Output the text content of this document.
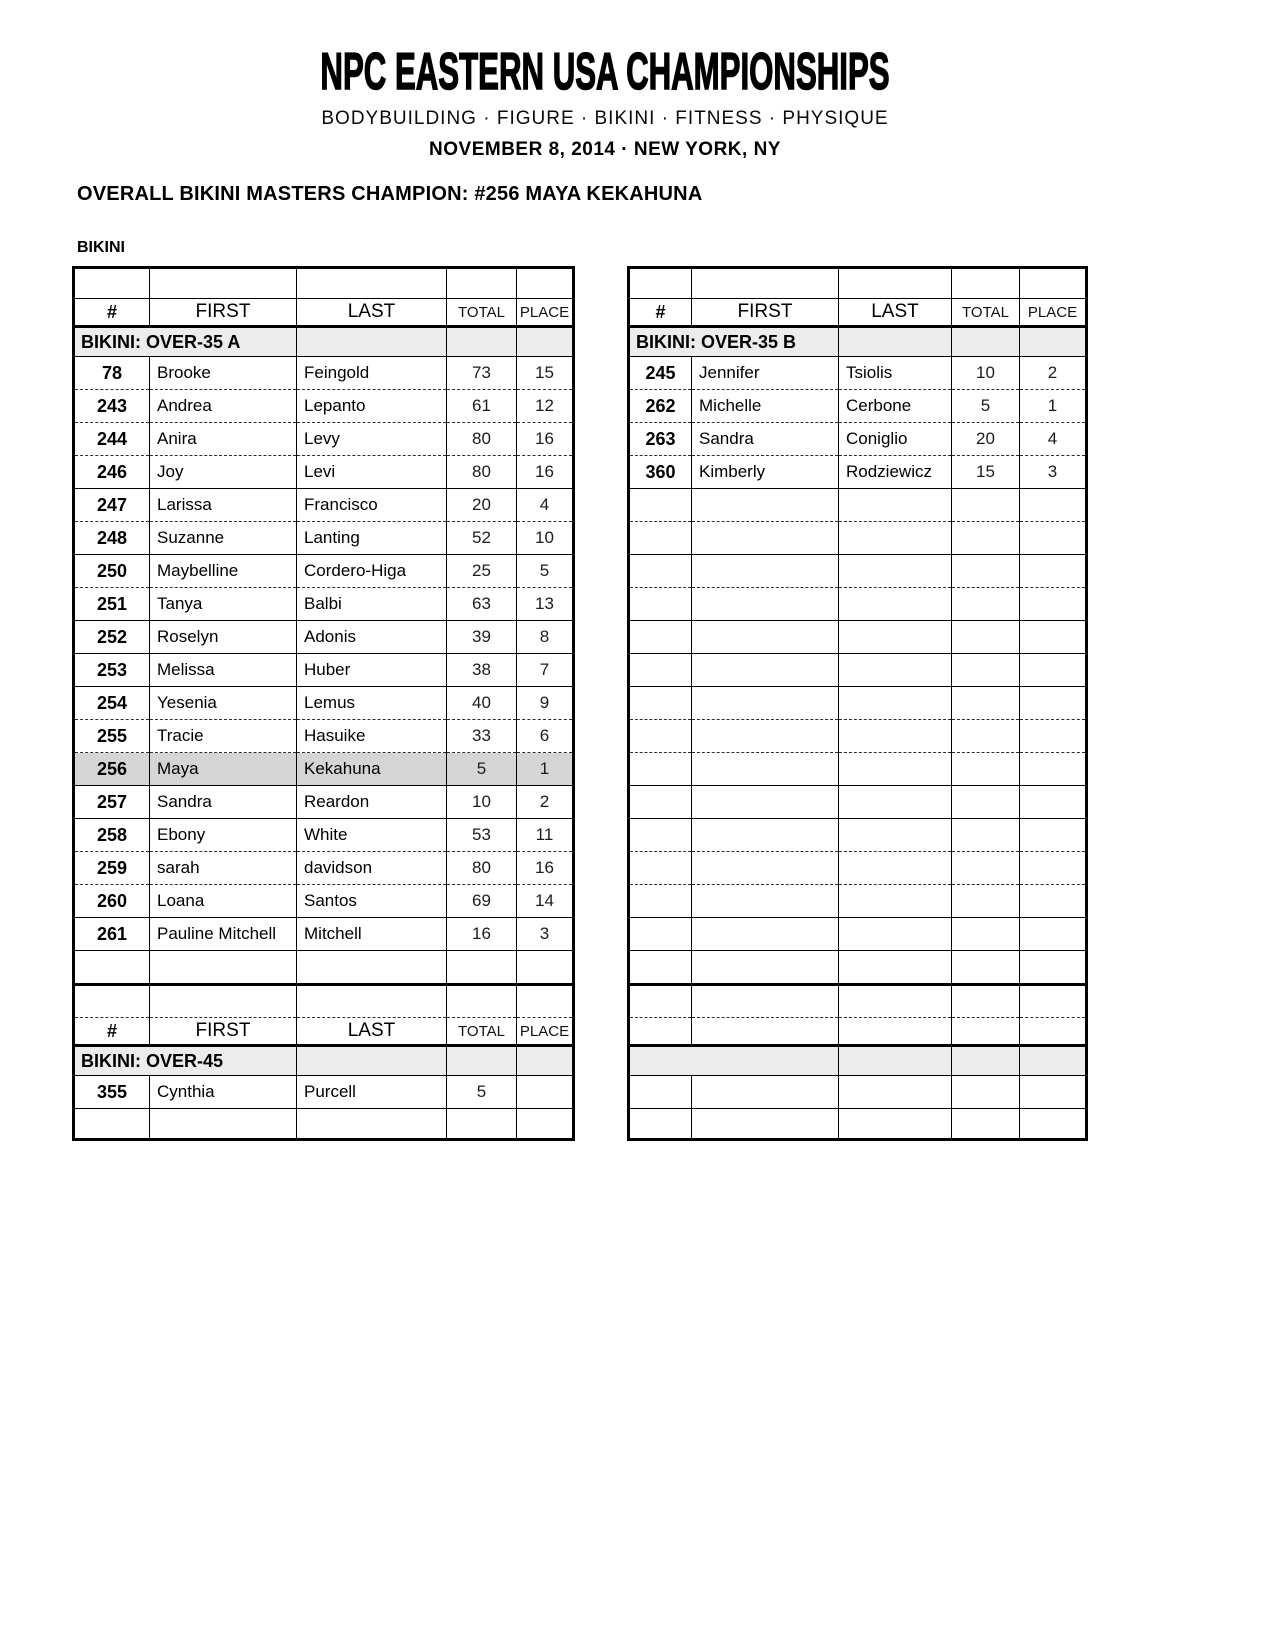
NPC EASTERN USA CHAMPIONSHIPS
BODYBUILDING · FIGURE · BIKINI · FITNESS · PHYSIQUE
NOVEMBER 8, 2014 · NEW YORK, NY
OVERALL BIKINI MASTERS CHAMPION: #256 MAYA KEKAHUNA
BIKINI

#	FIRST	LAST	TOTAL	PLACE
BIKINI: OVER-35 A				
78	Brooke	Feingold	73	15
243	Andrea	Lepanto	61	12
244	Anira	Levy	80	16
246	Joy	Levi	80	16
247	Larissa	Francisco	20	4
248	Suzanne	Lanting	52	10
250	Maybelline	Cordero-Higa	25	5
251	Tanya	Balbi	63	13
252	Roselyn	Adonis	39	8
253	Melissa	Huber	38	7
254	Yesenia	Lemus	40	9
255	Tracie	Hasuike	33	6
256	Maya	Kekahuna	5	1
257	Sandra	Reardon	10	2
258	Ebony	White	53	11
259	sarah	davidson	80	16
260	Loana	Santos	69	14
261	Pauline Mitchell	Mitchell	16	3

#	FIRST	LAST	TOTAL	PLACE
BIKINI: OVER-45				
355	Cynthia	Purcell	5	

#	FIRST	LAST	TOTAL	PLACE
BIKINI: OVER-35 B				
245	Jennifer	Tsiolis	10	2
262	Michelle	Cerbone	5	1
263	Sandra	Coniglio	20	4
360	Kimberly	Rodziewicz	15	3
